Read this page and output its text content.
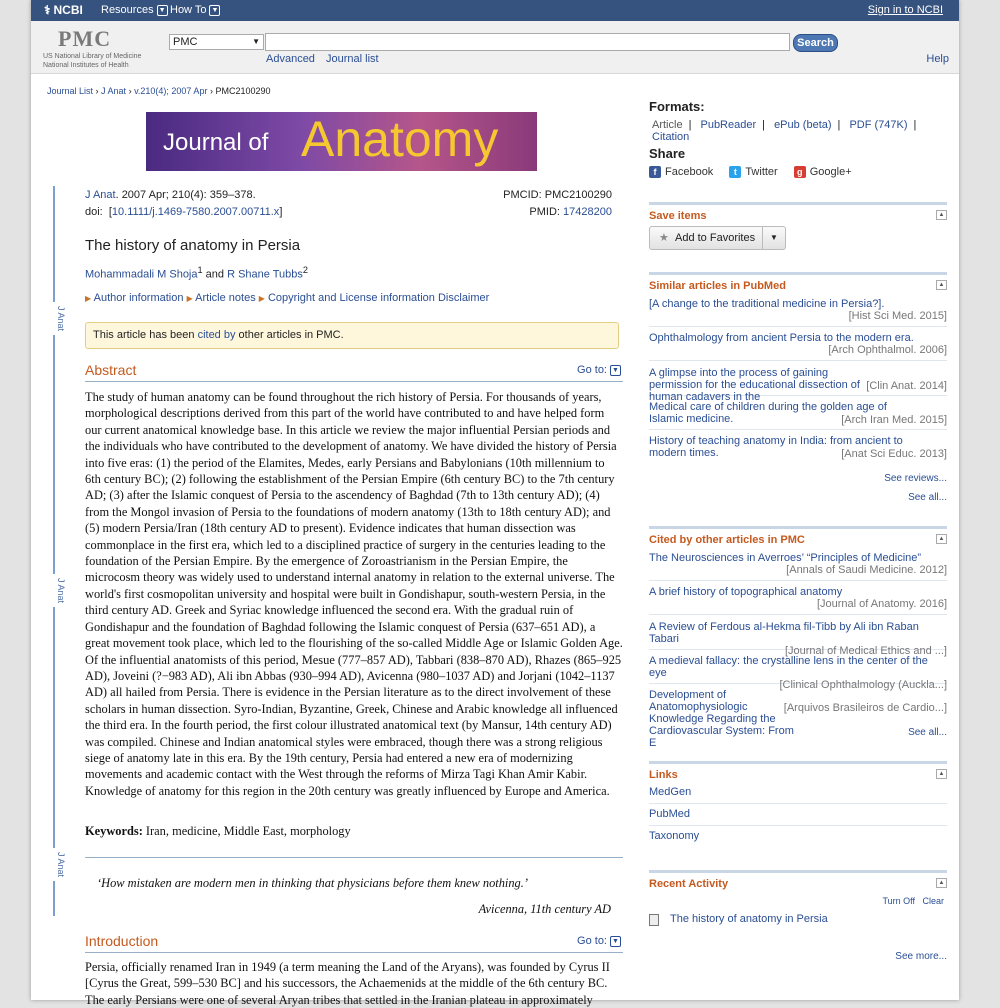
⚕ NCBI Resources ▼ How To ▼	Sign in to NCBI
PMC
US National Library of Medicine
National Institutes of Health
PMC	▼	Search
Advanced Journal list	Help
Journal List › J Anat › v.210(4); 2007 Apr › PMC2100290
Journal of Anatomy
J Anat
J Anat
J Anat
J Anat. 2007 Apr; 210(4): 359–378.
doi:  [10.1111/j.1469-7580.2007.00711.x]
PMCID: PMC2100290
PMID: 17428200
The history of anatomy in Persia
Mohammadali M Shoja$^1$ and R Shane Tubbs$^2$
▶ Author information ▶ Article notes ▶ Copyright and License information Disclaimer
This article has been cited by other articles in PMC.
Abstract	Go to: ▼
The study of human anatomy can be found throughout the rich history of Persia. For thousands of years, morphological descriptions derived from this part of the world have contributed to and have helped form our current anatomical knowledge base. In this article we review the major influential Persian periods and the individuals who have contributed to the development of anatomy. We have divided the history of Persia into five eras: (1) the period of the Elamites, Medes, early Persians and Babylonians (10th millennium to 6th century BC); (2) following the establishment of the Persian Empire (6th century BC) to the 7th century AD; (3) after the Islamic conquest of Persia to the ascendency of Baghdad (7th to 13th century AD); (4) from the Mongol invasion of Persia to the foundations of modern anatomy (13th to 18th century AD); and (5) modern Persia/Iran (18th century AD to present). Evidence indicates that human dissection was commonplace in the first era, which led to a disciplined practice of surgery in the centuries leading to the foundation of the Persian Empire. By the emergence of Zoroastrianism in the Persian Empire, the microcosm theory was widely used to understand internal anatomy in relation to the external universe. The world's first cosmopolitan university and hospital were built in Gondishapur, south-western Persia, in the third century AD. Greek and Syriac knowledge influenced the second era. With the gradual ruin of Gondishapur and the foundation of Baghdad following the Islamic conquest of Persia (637–651 AD), a great movement took place, which led to the flourishing of the so-called Middle Age or Islamic Golden Age. Of the influential anatomists of this period, Mesue (777–857 AD), Tabbari (838–870 AD), Rhazes (865–925 AD), Joveini (?−983 AD), Ali ibn Abbas (930–994 AD), Avicenna (980–1037 AD) and Jorjani (1042–1137 AD) all hailed from Persia. There is evidence in the Persian literature as to the direct involvement of these scholars in human dissection. Syro-Indian, Byzantine, Greek, Chinese and Arabic knowledge all influenced the third era. In the fourth period, the first colour illustrated anatomical text (by Mansur, 14th century AD) was compiled. Chinese and Indian anatomical styles were embraced, though there was a strong religious siege of anatomy late in this era. By the 19th century, Persia had entered a new era of modernizing movements and academic contact with the West through the reforms of Mirza Tagi Khan Amir Kabir. Knowledge of anatomy for this region in the 20th century was greatly influenced by Europe and America.
Keywords: Iran, medicine, Middle East, morphology
‘How mistaken are modern men in thinking that physicians before them knew nothing.’
Avicenna, 11th century AD
Introduction	Go to: ▼
Persia, officially renamed Iran in 1949 (a term meaning the Land of the Aryans), was founded by Cyrus II [Cyrus the Great, 599–530 BC] and his successors, the Achaemenids at the middle of the 6th century BC. The early Persians were one of several Aryan tribes that settled in the Iranian plateau in approximately
Formats:
Article | PubReader | ePub (beta) | PDF (747K) | Citation
Share
f Facebook	t Twitter	g Google+
Save items	▲
★ Add to Favorites	▼
Similar articles in PubMed	▲
[A change to the traditional medicine in Persia?].
[Hist Sci Med. 2015]
Ophthalmology from ancient Persia to the modern era.
[Arch Ophthalmol. 2006]
A glimpse into the process of gaining permission for the educational dissection of human cadavers in the
[Clin Anat. 2014]
Medical care of children during the golden age of Islamic medicine.	[Arch Iran Med. 2015]
History of teaching anatomy in India: from ancient to modern times.	[Anat Sci Educ. 2013]
See reviews...
See all...
Cited by other articles in PMC	▲
The Neurosciences in Averroes’ “Principles of Medicine”
[Annals of Saudi Medicine. 2012]
A brief history of topographical anatomy
[Journal of Anatomy. 2016]
A Review of Ferdous al-Hekma fil-Tibb by Ali ibn Raban Tabari
[Journal of Medical Ethics and ...]
A medieval fallacy: the crystalline lens in the center of the eye
[Clinical Ophthalmology (Auckla...]
Development of Anatomophysiologic Knowledge Regarding the Cardiovascular System: From E
[Arquivos Brasileiros de Cardio...]
See all...
Links	▲
MedGen
PubMed
Taxonomy
Recent Activity	▲
Turn Off Clear
The history of anatomy in Persia
See more...
